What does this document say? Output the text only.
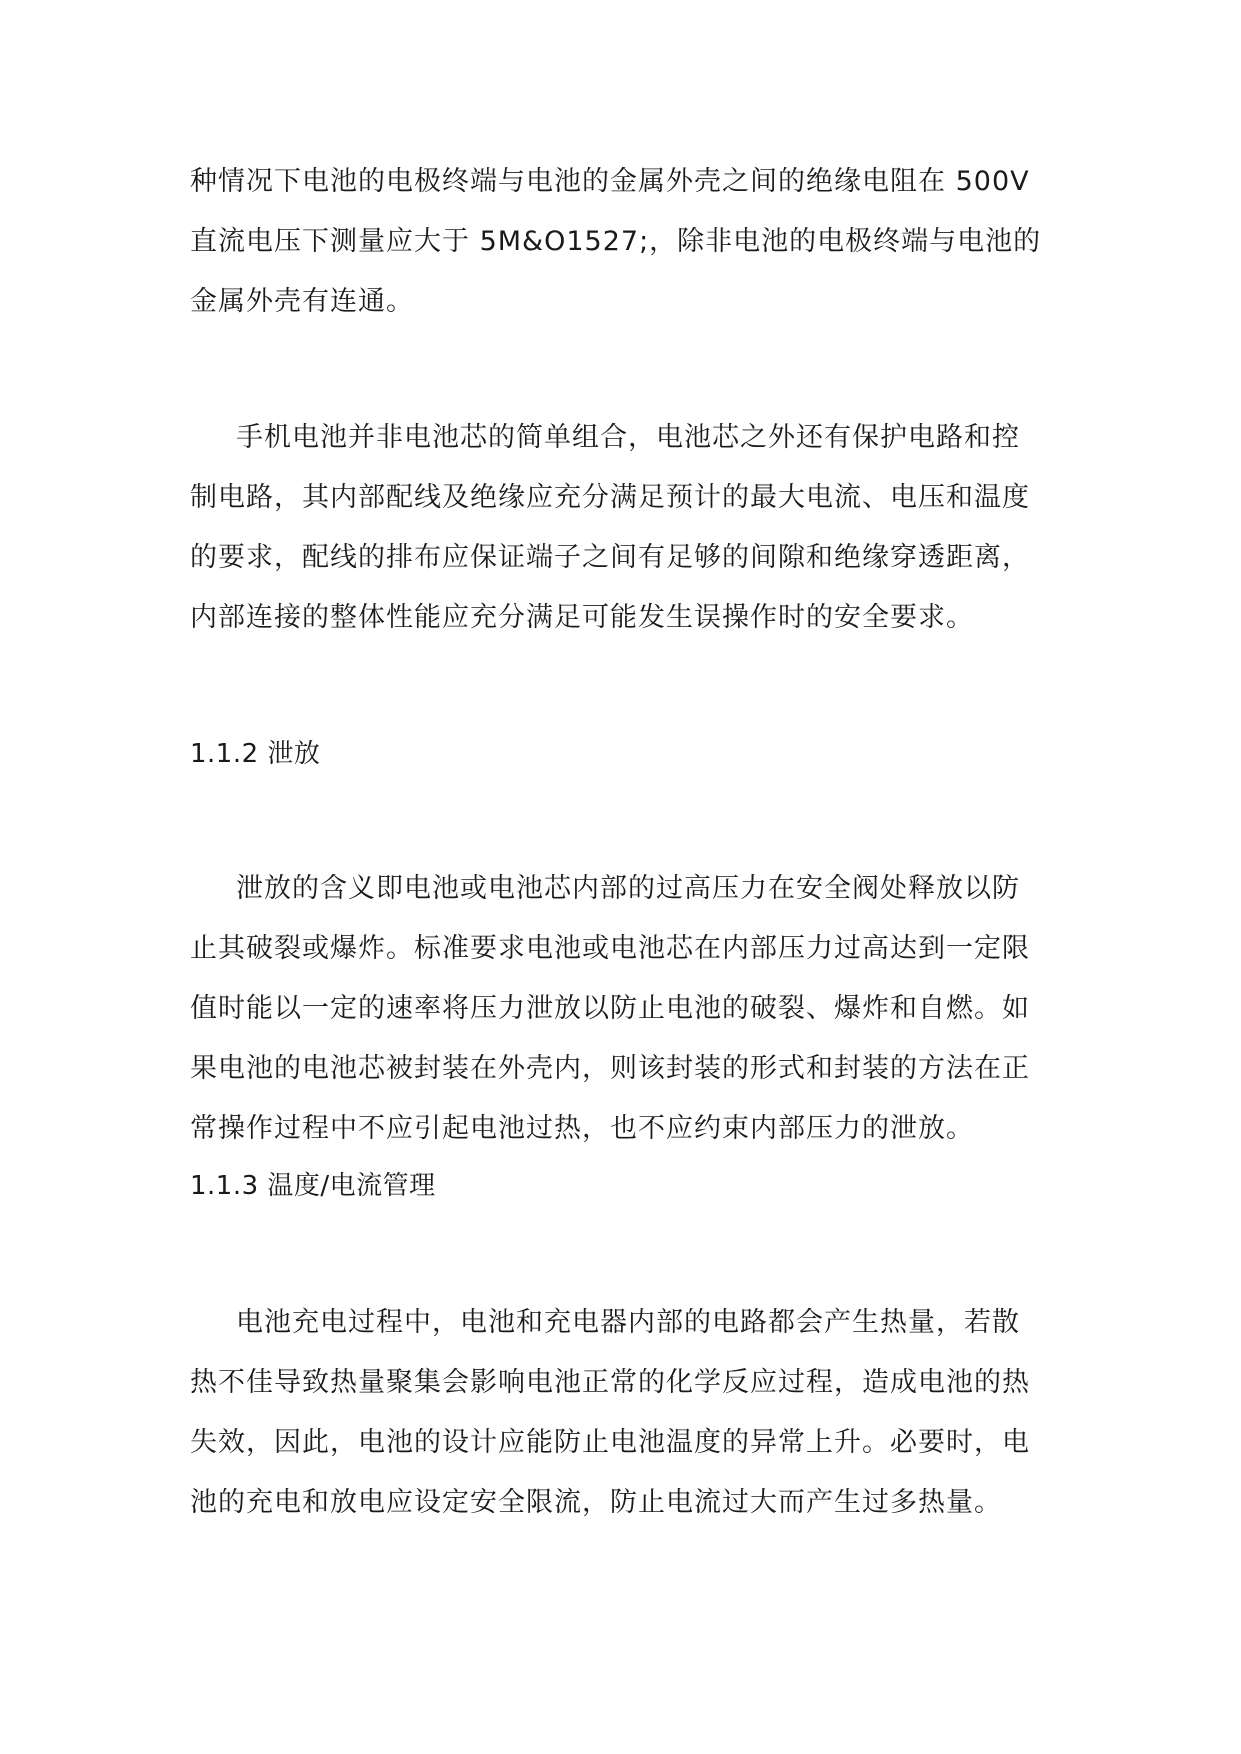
种情况下电池的电极终端与电池的金属外壳之间的绝缘电阻在 500V
直流电压下测量应大于 5M&O1527;，除非电池的电极终端与电池的
金属外壳有连通。
手机电池并非电池芯的简单组合，电池芯之外还有保护电路和控
制电路，其内部配线及绝缘应充分满足预计的最大电流、电压和温度
的要求，配线的排布应保证端子之间有足够的间隙和绝缘穿透距离，
内部连接的整体性能应充分满足可能发生误操作时的安全要求。
1.1.2 泄放
泄放的含义即电池或电池芯内部的过高压力在安全阀处释放以防
止其破裂或爆炸。标准要求电池或电池芯在内部压力过高达到一定限
值时能以一定的速率将压力泄放以防止电池的破裂、爆炸和自燃。如
果电池的电池芯被封装在外壳内，则该封装的形式和封装的方法在正
常操作过程中不应引起电池过热，也不应约束内部压力的泄放。
1.1.3 温度/电流管理
电池充电过程中，电池和充电器内部的电路都会产生热量，若散
热不佳导致热量聚集会影响电池正常的化学反应过程，造成电池的热
失效，因此，电池的设计应能防止电池温度的异常上升。必要时，电
池的充电和放电应设定安全限流，防止电流过大而产生过多热量。
